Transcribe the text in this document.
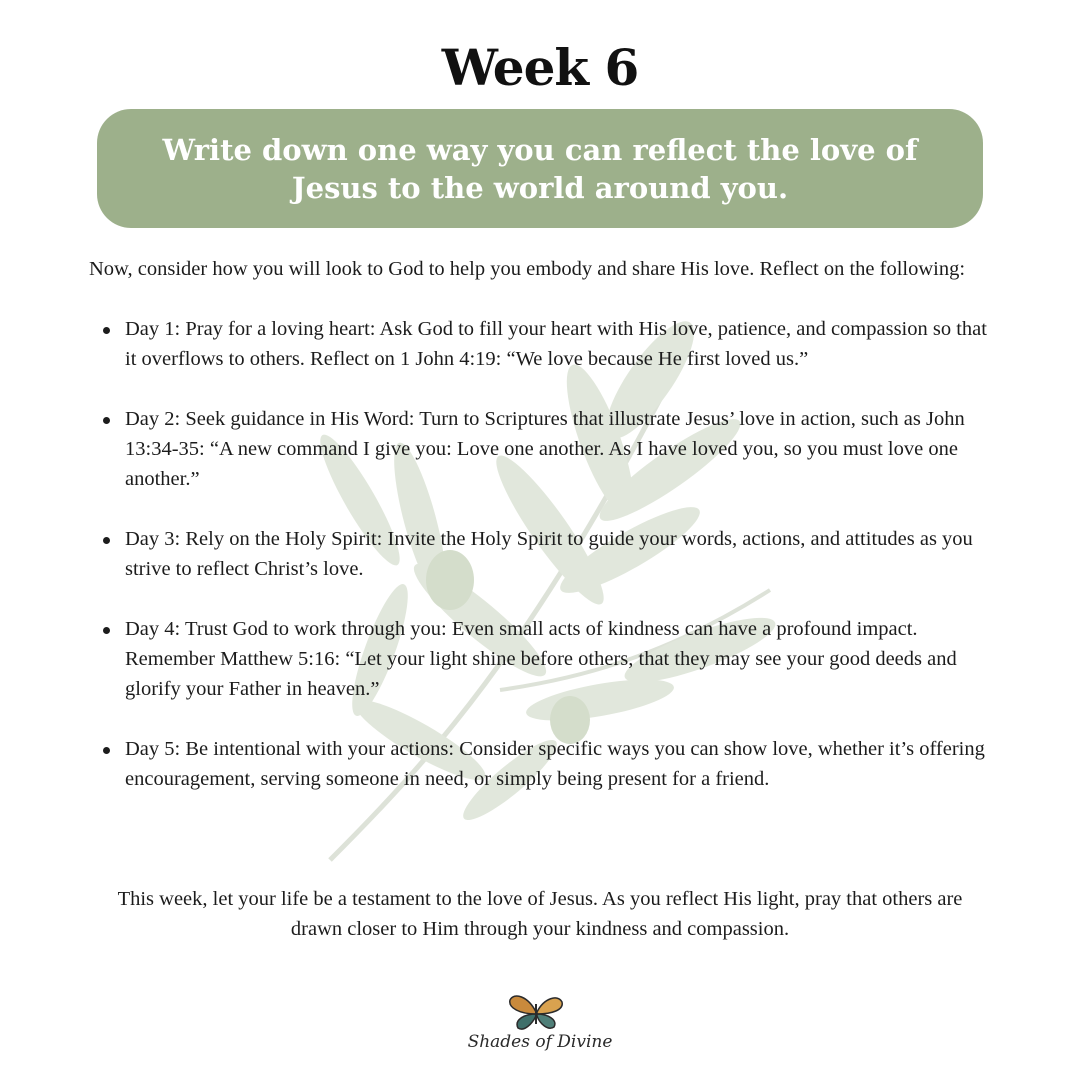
Week 6
Write down one way you can reflect the love of Jesus to the world around you.

Now, consider how you will look to God to help you embody and share His love. Reflect on the following:

Day 1: Pray for a loving heart: Ask God to fill your heart with His love, patience, and compassion so that it overflows to others. Reflect on 1 John 4:19: “We love because He first loved us.”
Day 2: Seek guidance in His Word: Turn to Scriptures that illustrate Jesus’ love in action, such as John 13:34-35: “A new command I give you: Love one another. As I have loved you, so you must love one another.”
Day 3: Rely on the Holy Spirit: Invite the Holy Spirit to guide your words, actions, and attitudes as you strive to reflect Christ’s love.
Day 4: Trust God to work through you: Even small acts of kindness can have a profound impact. Remember Matthew 5:16: “Let your light shine before others, that they may see your good deeds and glorify your Father in heaven.”
Day 5: Be intentional with your actions: Consider specific ways you can show love, whether it’s offering encouragement, serving someone in need, or simply being present for a friend.

This week, let your life be a testament to the love of Jesus. As you reflect His light, pray that others are drawn closer to Him through your kindness and compassion.

Shades of Divine
